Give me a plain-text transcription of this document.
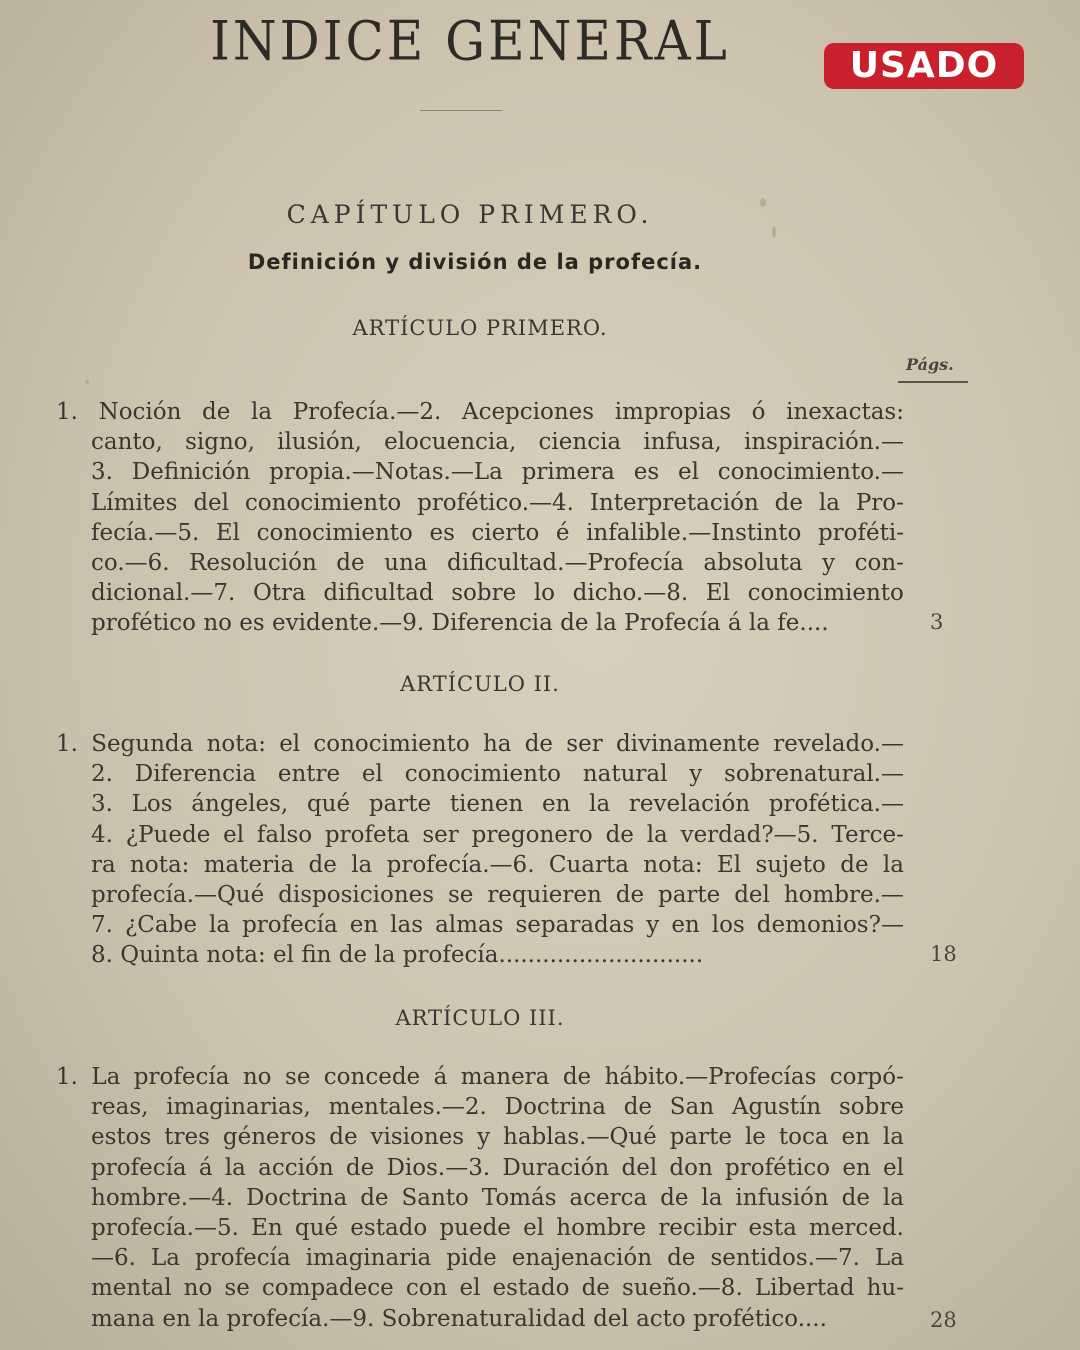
USADO
INDICE GENERAL
CAPÍTULO PRIMERO.
Definición y división de la profecía.
ARTÍCULO PRIMERO.
Págs.
1. Noción de la Profecía.—2. Acepciones impropias ó inexactas:
canto, signo, ilusión, elocuencia, ciencia infusa, inspiración.—
3. Definición propia.—Notas.—La primera es el conocimiento.—
Límites del conocimiento profético.—4. Interpretación de la Pro-
fecía.—5. El conocimiento es cierto é infalible.—Instinto proféti-
co.—6. Resolución de una dificultad.—Profecía absoluta y con-
dicional.—7. Otra dificultad sobre lo dicho.—8. El conocimiento
profético no es evidente.—9. Diferencia de la Profecía á la fe....	3
ARTÍCULO II.
1. Segunda nota: el conocimiento ha de ser divinamente revelado.—
2. Diferencia entre el conocimiento natural y sobrenatural.—
3. Los ángeles, qué parte tienen en la revelación profética.—
4. ¿Puede el falso profeta ser pregonero de la verdad?—5. Terce-
ra nota: materia de la profecía.—6. Cuarta nota: El sujeto de la
profecía.—Qué disposiciones se requieren de parte del hombre.—
7. ¿Cabe la profecía en las almas separadas y en los demonios?—
8. Quinta nota: el fin de la profecía............................	18
ARTÍCULO III.
1. La profecía no se concede á manera de hábito.—Profecías corpó-
reas, imaginarias, mentales.—2. Doctrina de San Agustín sobre
estos tres géneros de visiones y hablas.—Qué parte le toca en la
profecía á la acción de Dios.—3. Duración del don profético en el
hombre.—4. Doctrina de Santo Tomás acerca de la infusión de la
profecía.—5. En qué estado puede el hombre recibir esta merced.
—6. La profecía imaginaria pide enajenación de sentidos.—7. La
mental no se compadece con el estado de sueño.—8. Libertad hu-
mana en la profecía.—9. Sobrenaturalidad del acto profético....	28
